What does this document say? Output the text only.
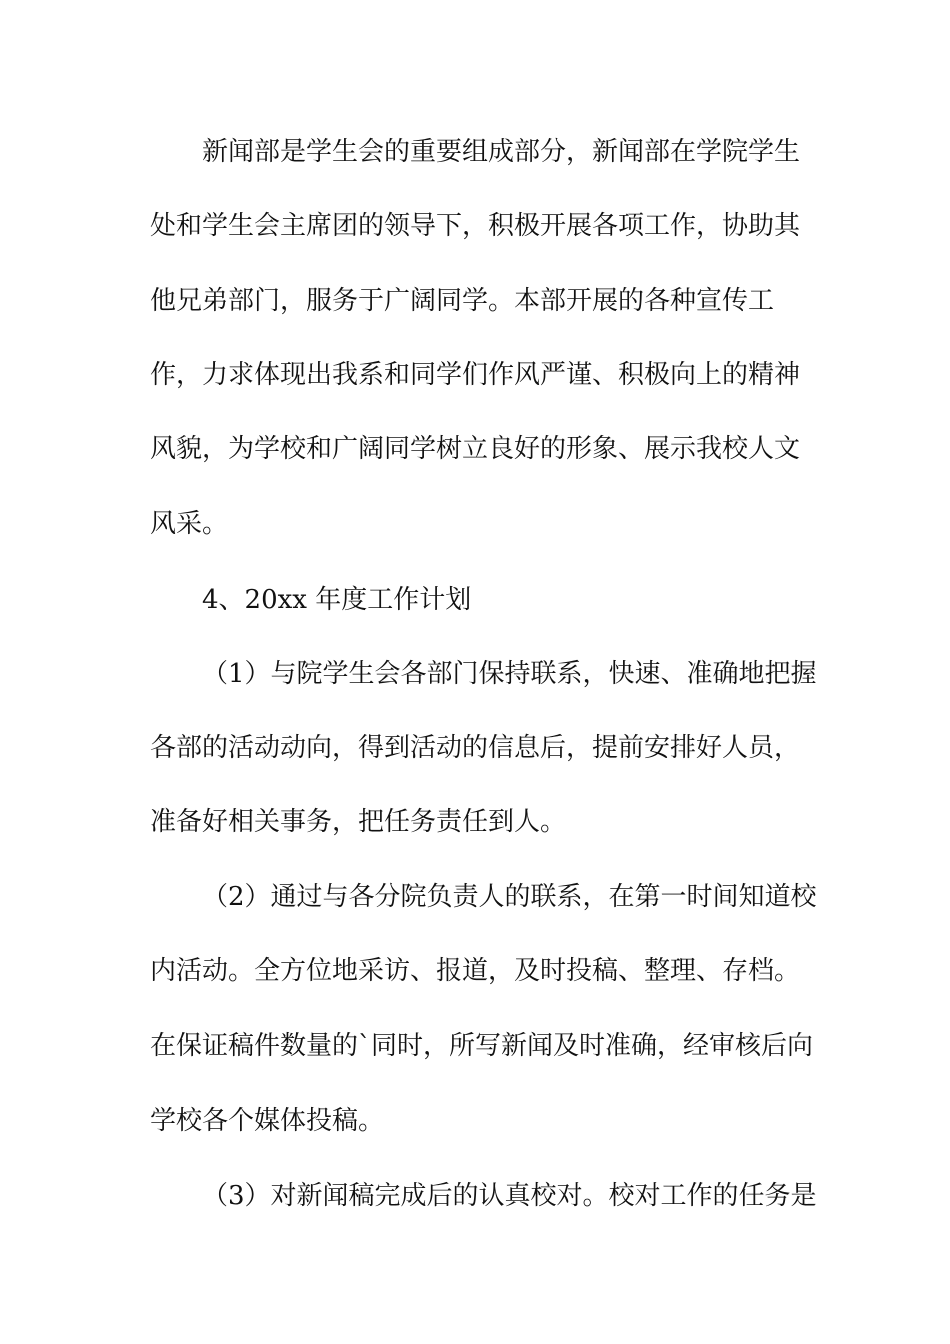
新闻部是学生会的重要组成部分，新闻部在学院学生
处和学生会主席团的领导下，积极开展各项工作，协助其
他兄弟部门，服务于广阔同学。本部开展的各种宣传工
作，力求体现出我系和同学们作风严谨、积极向上的精神
风貌，为学校和广阔同学树立良好的形象、展示我校人文
风采。
4、20xx 年度工作计划
（1）与院学生会各部门保持联系，快速、准确地把握
各部的活动动向，得到活动的信息后，提前安排好人员，
准备好相关事务，把任务责任到人。
（2）通过与各分院负责人的联系，在第一时间知道校
内活动。全方位地采访、报道，及时投稿、整理、存档。
在保证稿件数量的`同时，所写新闻及时准确，经审核后向
学校各个媒体投稿。
（3）对新闻稿完成后的认真校对。校对工作的任务是
